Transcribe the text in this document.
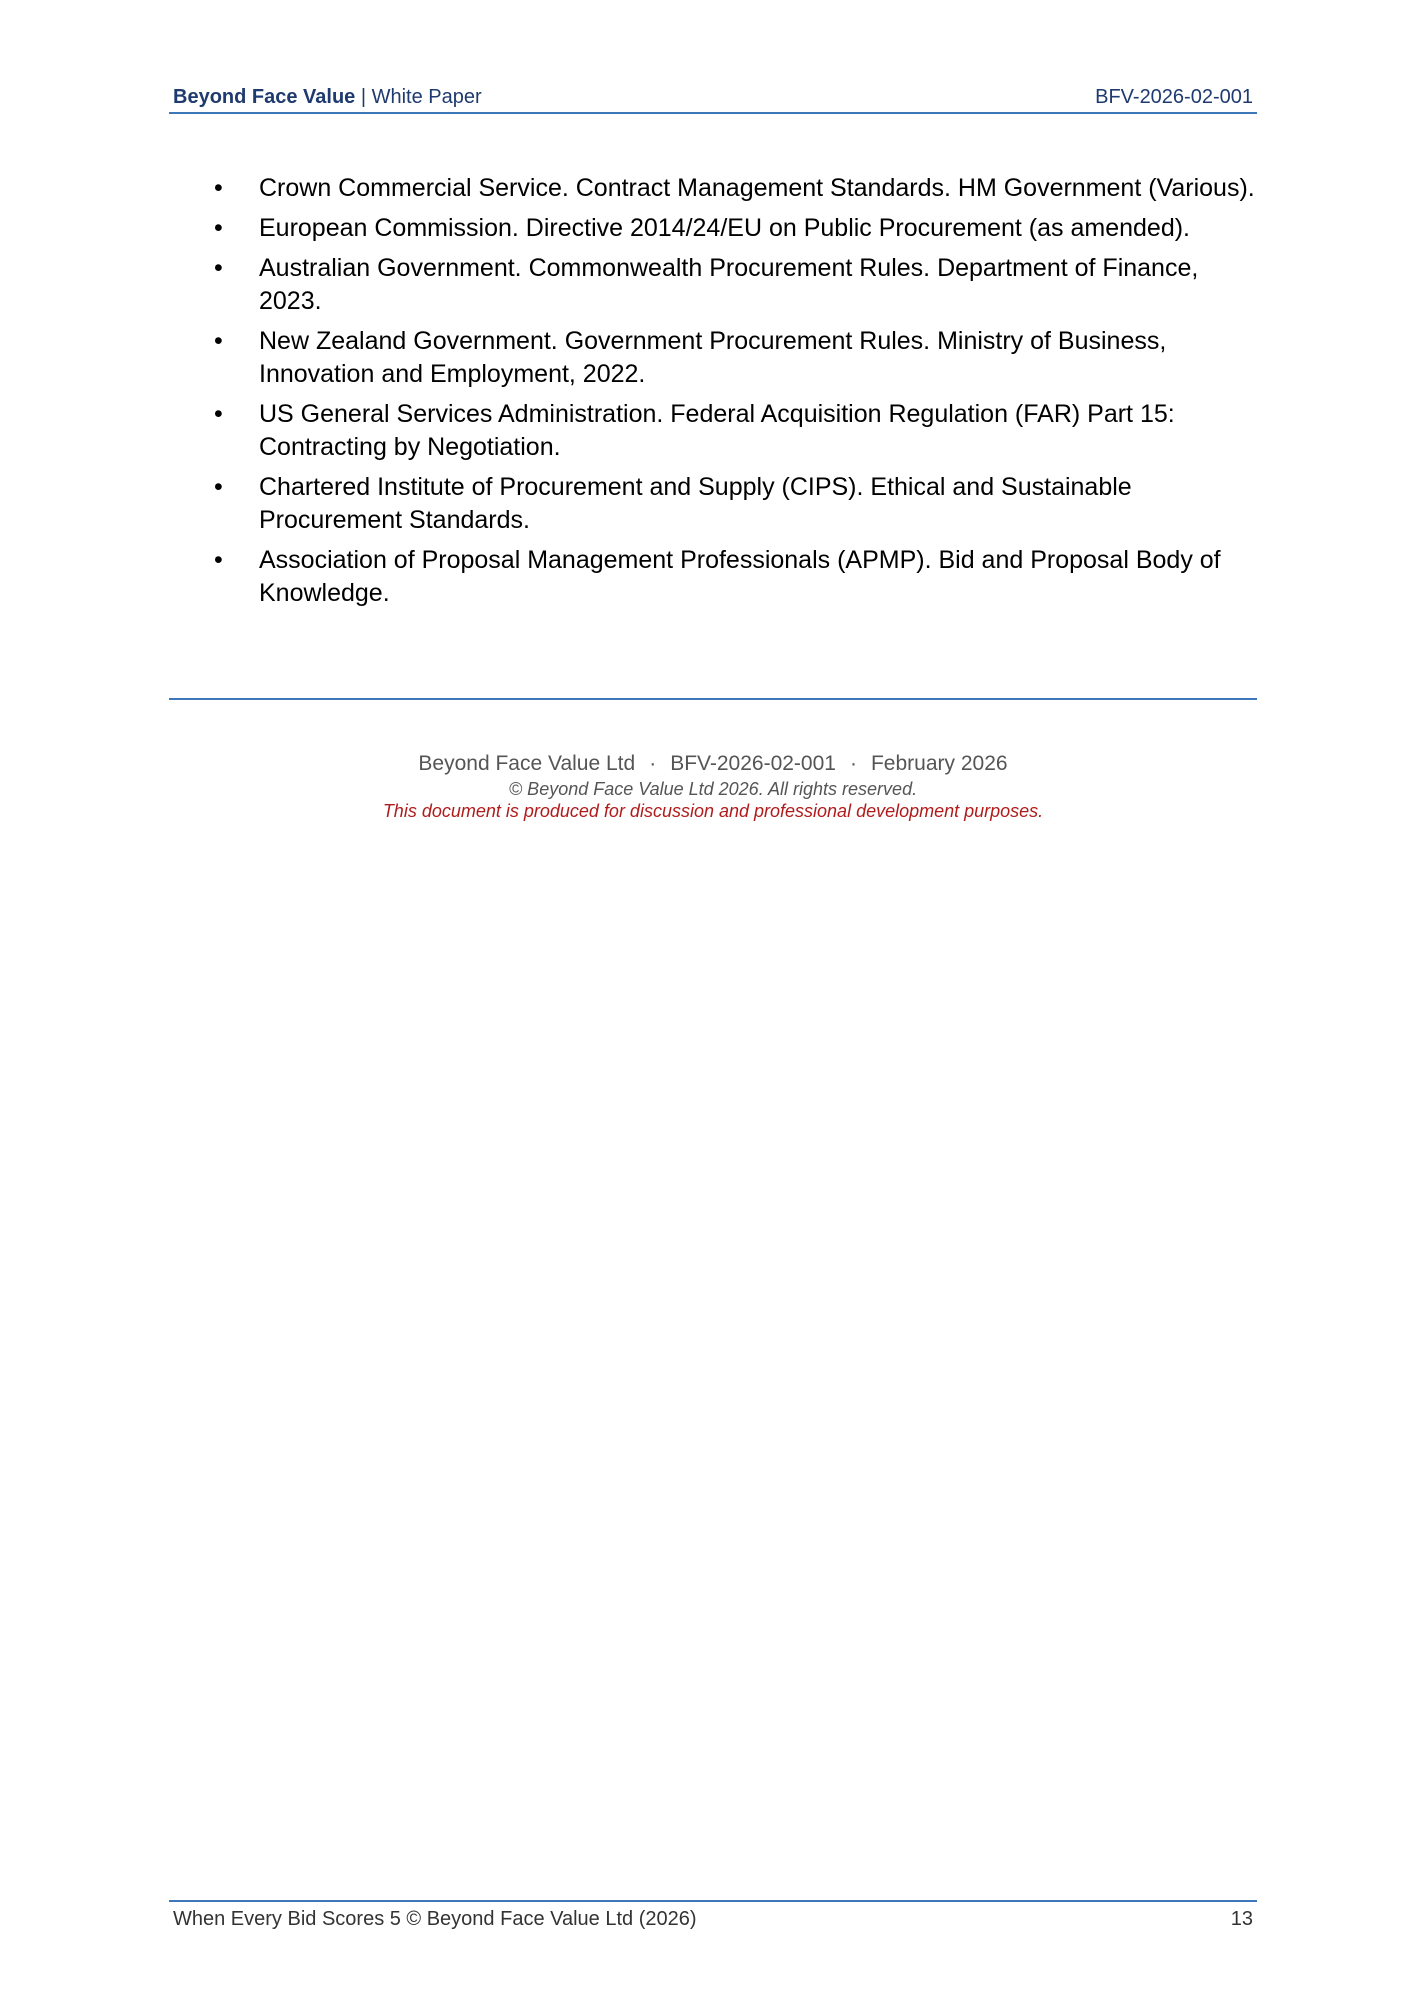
Beyond Face Value | White Paper	BFV-2026-02-001
• Crown Commercial Service. Contract Management Standards. HM Government (Various).
• European Commission. Directive 2014/24/EU on Public Procurement (as amended).
• Australian Government. Commonwealth Procurement Rules. Department of Finance, 2023.
• New Zealand Government. Government Procurement Rules. Ministry of Business, Innovation and Employment, 2022.
• US General Services Administration. Federal Acquisition Regulation (FAR) Part 15: Contracting by Negotiation.
• Chartered Institute of Procurement and Supply (CIPS). Ethical and Sustainable Procurement Standards.
• Association of Proposal Management Professionals (APMP). Bid and Proposal Body of Knowledge.
Beyond Face Value Ltd · BFV-2026-02-001 · February 2026
© Beyond Face Value Ltd 2026. All rights reserved.
This document is produced for discussion and professional development purposes.
When Every Bid Scores 5 © Beyond Face Value Ltd (2026)	13
